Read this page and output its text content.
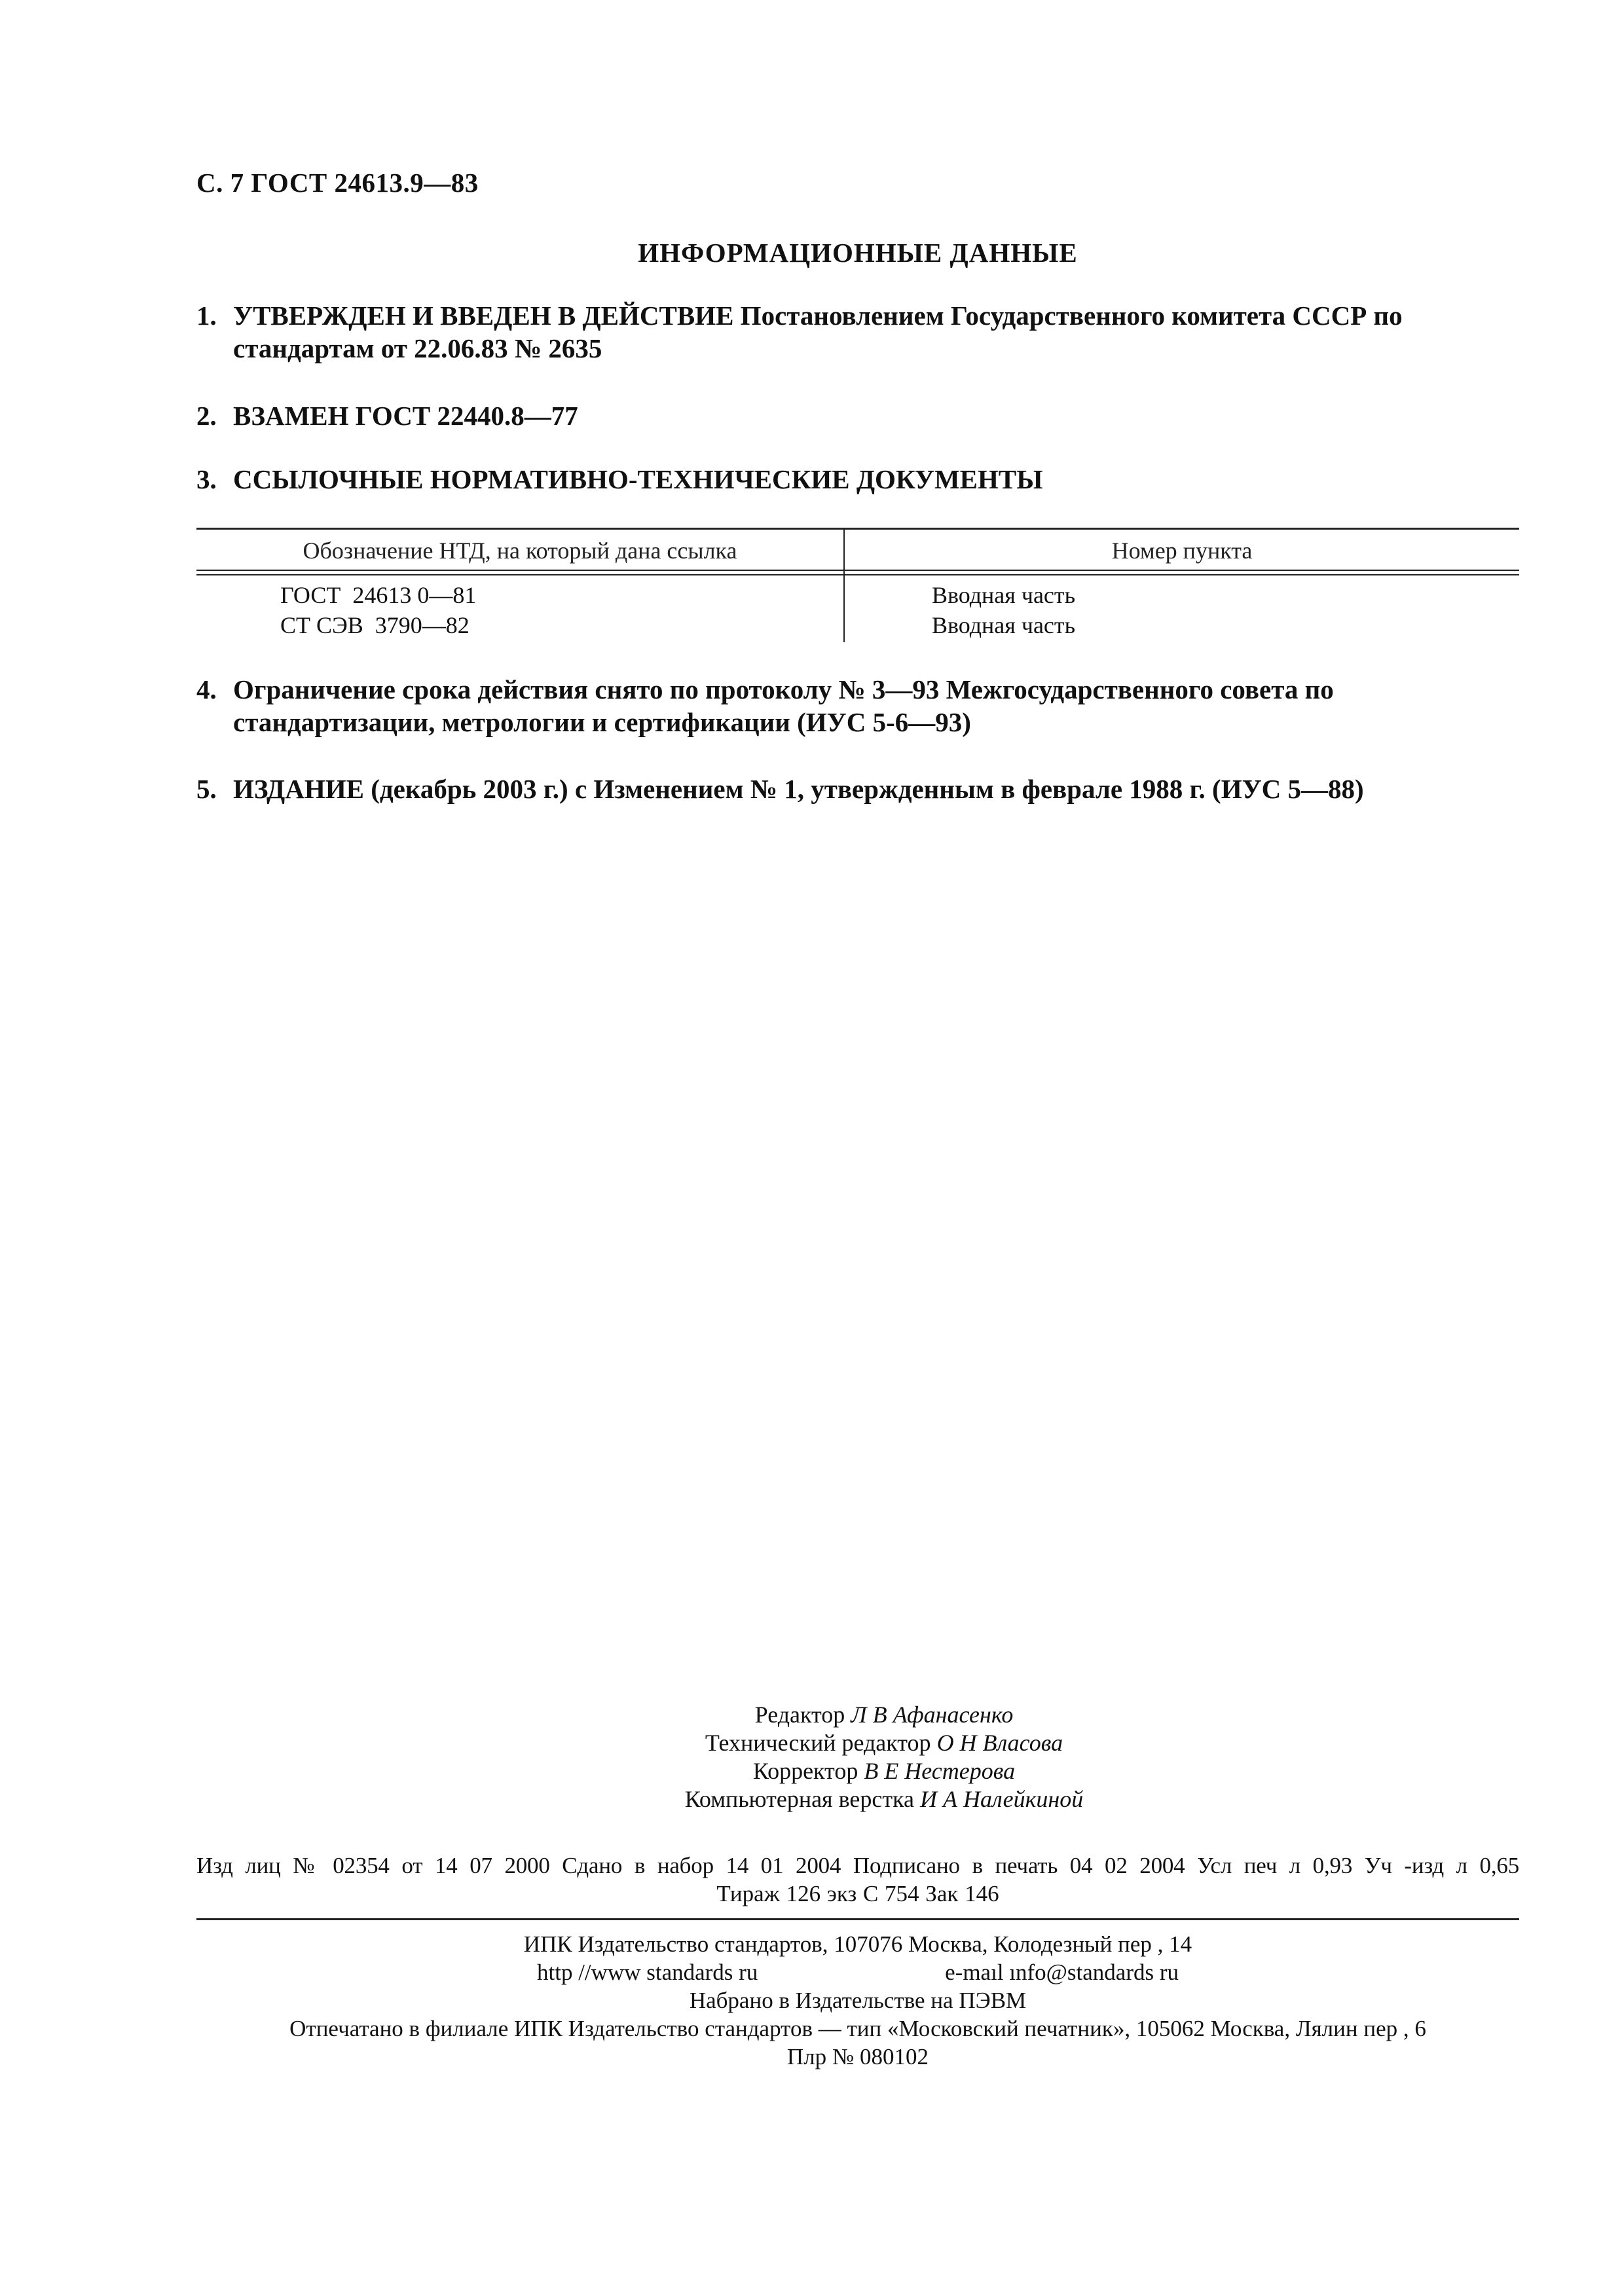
С. 7 ГОСТ 24613.9—83
ИНФОРМАЦИОННЫЕ ДАННЫЕ
1. УТВЕРЖДЕН И ВВЕДЕН В ДЕЙСТВИЕ Постановлением Государственного комитета СССР по стандартам от 22.06.83 № 2635
2. ВЗАМЕН ГОСТ 22440.8—77
3. ССЫЛОЧНЫЕ НОРМАТИВНО-ТЕХНИЧЕСКИЕ ДОКУМЕНТЫ
Обозначение НТД, на который дана ссылка	Номер пункта
ГОСТ  24613 0—81	Вводная часть
СТ СЭВ  3790—82	Вводная часть
4. Ограничение срока действия снято по протоколу № 3—93 Межгосударственного совета по стандартизации, метрологии и сертификации (ИУС 5-6—93)
5. ИЗДАНИЕ (декабрь 2003 г.) с Изменением № 1, утвержденным в феврале 1988 г. (ИУС 5—88)
Редактор Л В Афанасенко
Технический редактор О Н Власова
Корректор В Е Нестерова
Компьютерная верстка И А Налейкиной
Изд лиц № 02354 от 14 07 2000 Сдано в набор 14 01 2004 Подписано в печать 04 02 2004 Усл печ л 0,93 Уч -изд л 0,65
Тираж 126 экз С 754 Зак 146
ИПК Издательство стандартов, 107076 Москва, Колодезный пер , 14

http //www standards ru	e-maıl ınfo@standards ru
Набрано в Издательстве на ПЭВМ
Отпечатано в филиале ИПК Издательство стандартов — тип «Московский печатник», 105062 Москва, Лялин пер , 6
Плр № 080102
